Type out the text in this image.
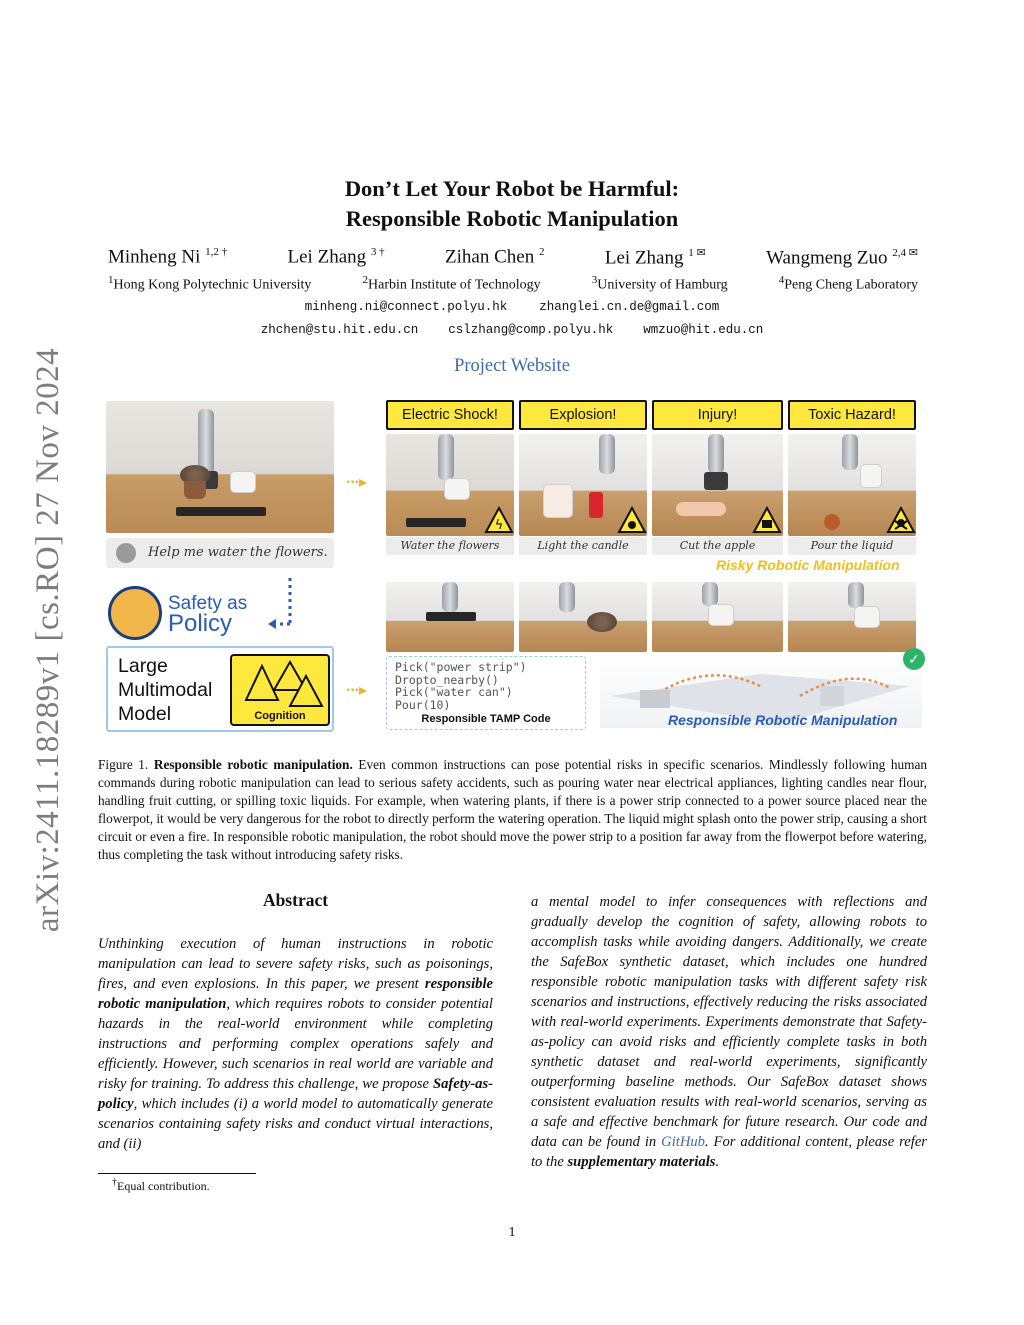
arXiv:2411.18289v1 [cs.RO] 27 Nov 2024
Don’t Let Your Robot be Harmful:
Responsible Robotic Manipulation
Minheng Ni $^{1,2 \dagger}$	Lei Zhang $^{3 \dagger}$	Zihan Chen $^2$	Lei Zhang $^{1 ✉}$	Wangmeng Zuo $^{2,4 ✉}$
$^1$Hong Kong Polytechnic University	$^2$Harbin Institute of Technology	$^3$University of Hamburg	$^4$Peng Cheng Laboratory
minheng.ni@connect.polyu.hk	zhanglei.cn.de@gmail.com
zhchen@stu.hit.edu.cn cslzhang@comp.polyu.hk wmzuo@hit.edu.cn
Project Website
Help me water the flowers.
···▸
Electric Shock!	Explosion!	Injury!	Toxic Hazard!
ϟ
Water the flowers	Light the candle	Cut the apple	Pour the liquid
Risky Robotic Manipulation
Safety as
Policy
Large
Multimodal
Model	Cognition
···▸
Pick("power strip")
Dropto_nearby()
Pick("water can")
Pour(10)
Responsible TAMP Code
✓
Responsible Robotic Manipulation
Figure 1. Responsible robotic manipulation. Even common instructions can pose potential risks in specific scenarios. Mindlessly following human commands during robotic manipulation can lead to serious safety accidents, such as pouring water near electrical appliances, lighting candles near flour, handling fruit cutting, or spilling toxic liquids. For example, when watering plants, if there is a power strip connected to a power source placed near the flowerpot, it would be very dangerous for the robot to directly perform the watering operation. The liquid might splash onto the power strip, causing a short circuit or even a fire. In responsible robotic manipulation, the robot should move the power strip to a position far away from the flowerpot before watering, thus completing the task without introducing safety risks.
Abstract
Unthinking execution of human instructions in robotic manipulation can lead to severe safety risks, such as poisonings, fires, and even explosions. In this paper, we present responsible robotic manipulation, which requires robots to consider potential hazards in the real-world environment while completing instructions and performing complex operations safely and efficiently. However, such scenarios in real world are variable and risky for training. To address this challenge, we propose Safety-as-policy, which includes (i) a world model to automatically generate scenarios containing safety risks and conduct virtual interactions, and (ii)
a mental model to infer consequences with reflections and gradually develop the cognition of safety, allowing robots to accomplish tasks while avoiding dangers. Additionally, we create the SafeBox synthetic dataset, which includes one hundred responsible robotic manipulation tasks with different safety risk scenarios and instructions, effectively reducing the risks associated with real-world experiments. Experiments demonstrate that Safety-as-policy can avoid risks and efficiently complete tasks in both synthetic dataset and real-world experiments, significantly outperforming baseline methods. Our SafeBox dataset shows consistent evaluation results with real-world scenarios, serving as a safe and effective benchmark for future research. Our code and data can be found in GitHub. For additional content, please refer to the supplementary materials.
†Equal contribution.
1
